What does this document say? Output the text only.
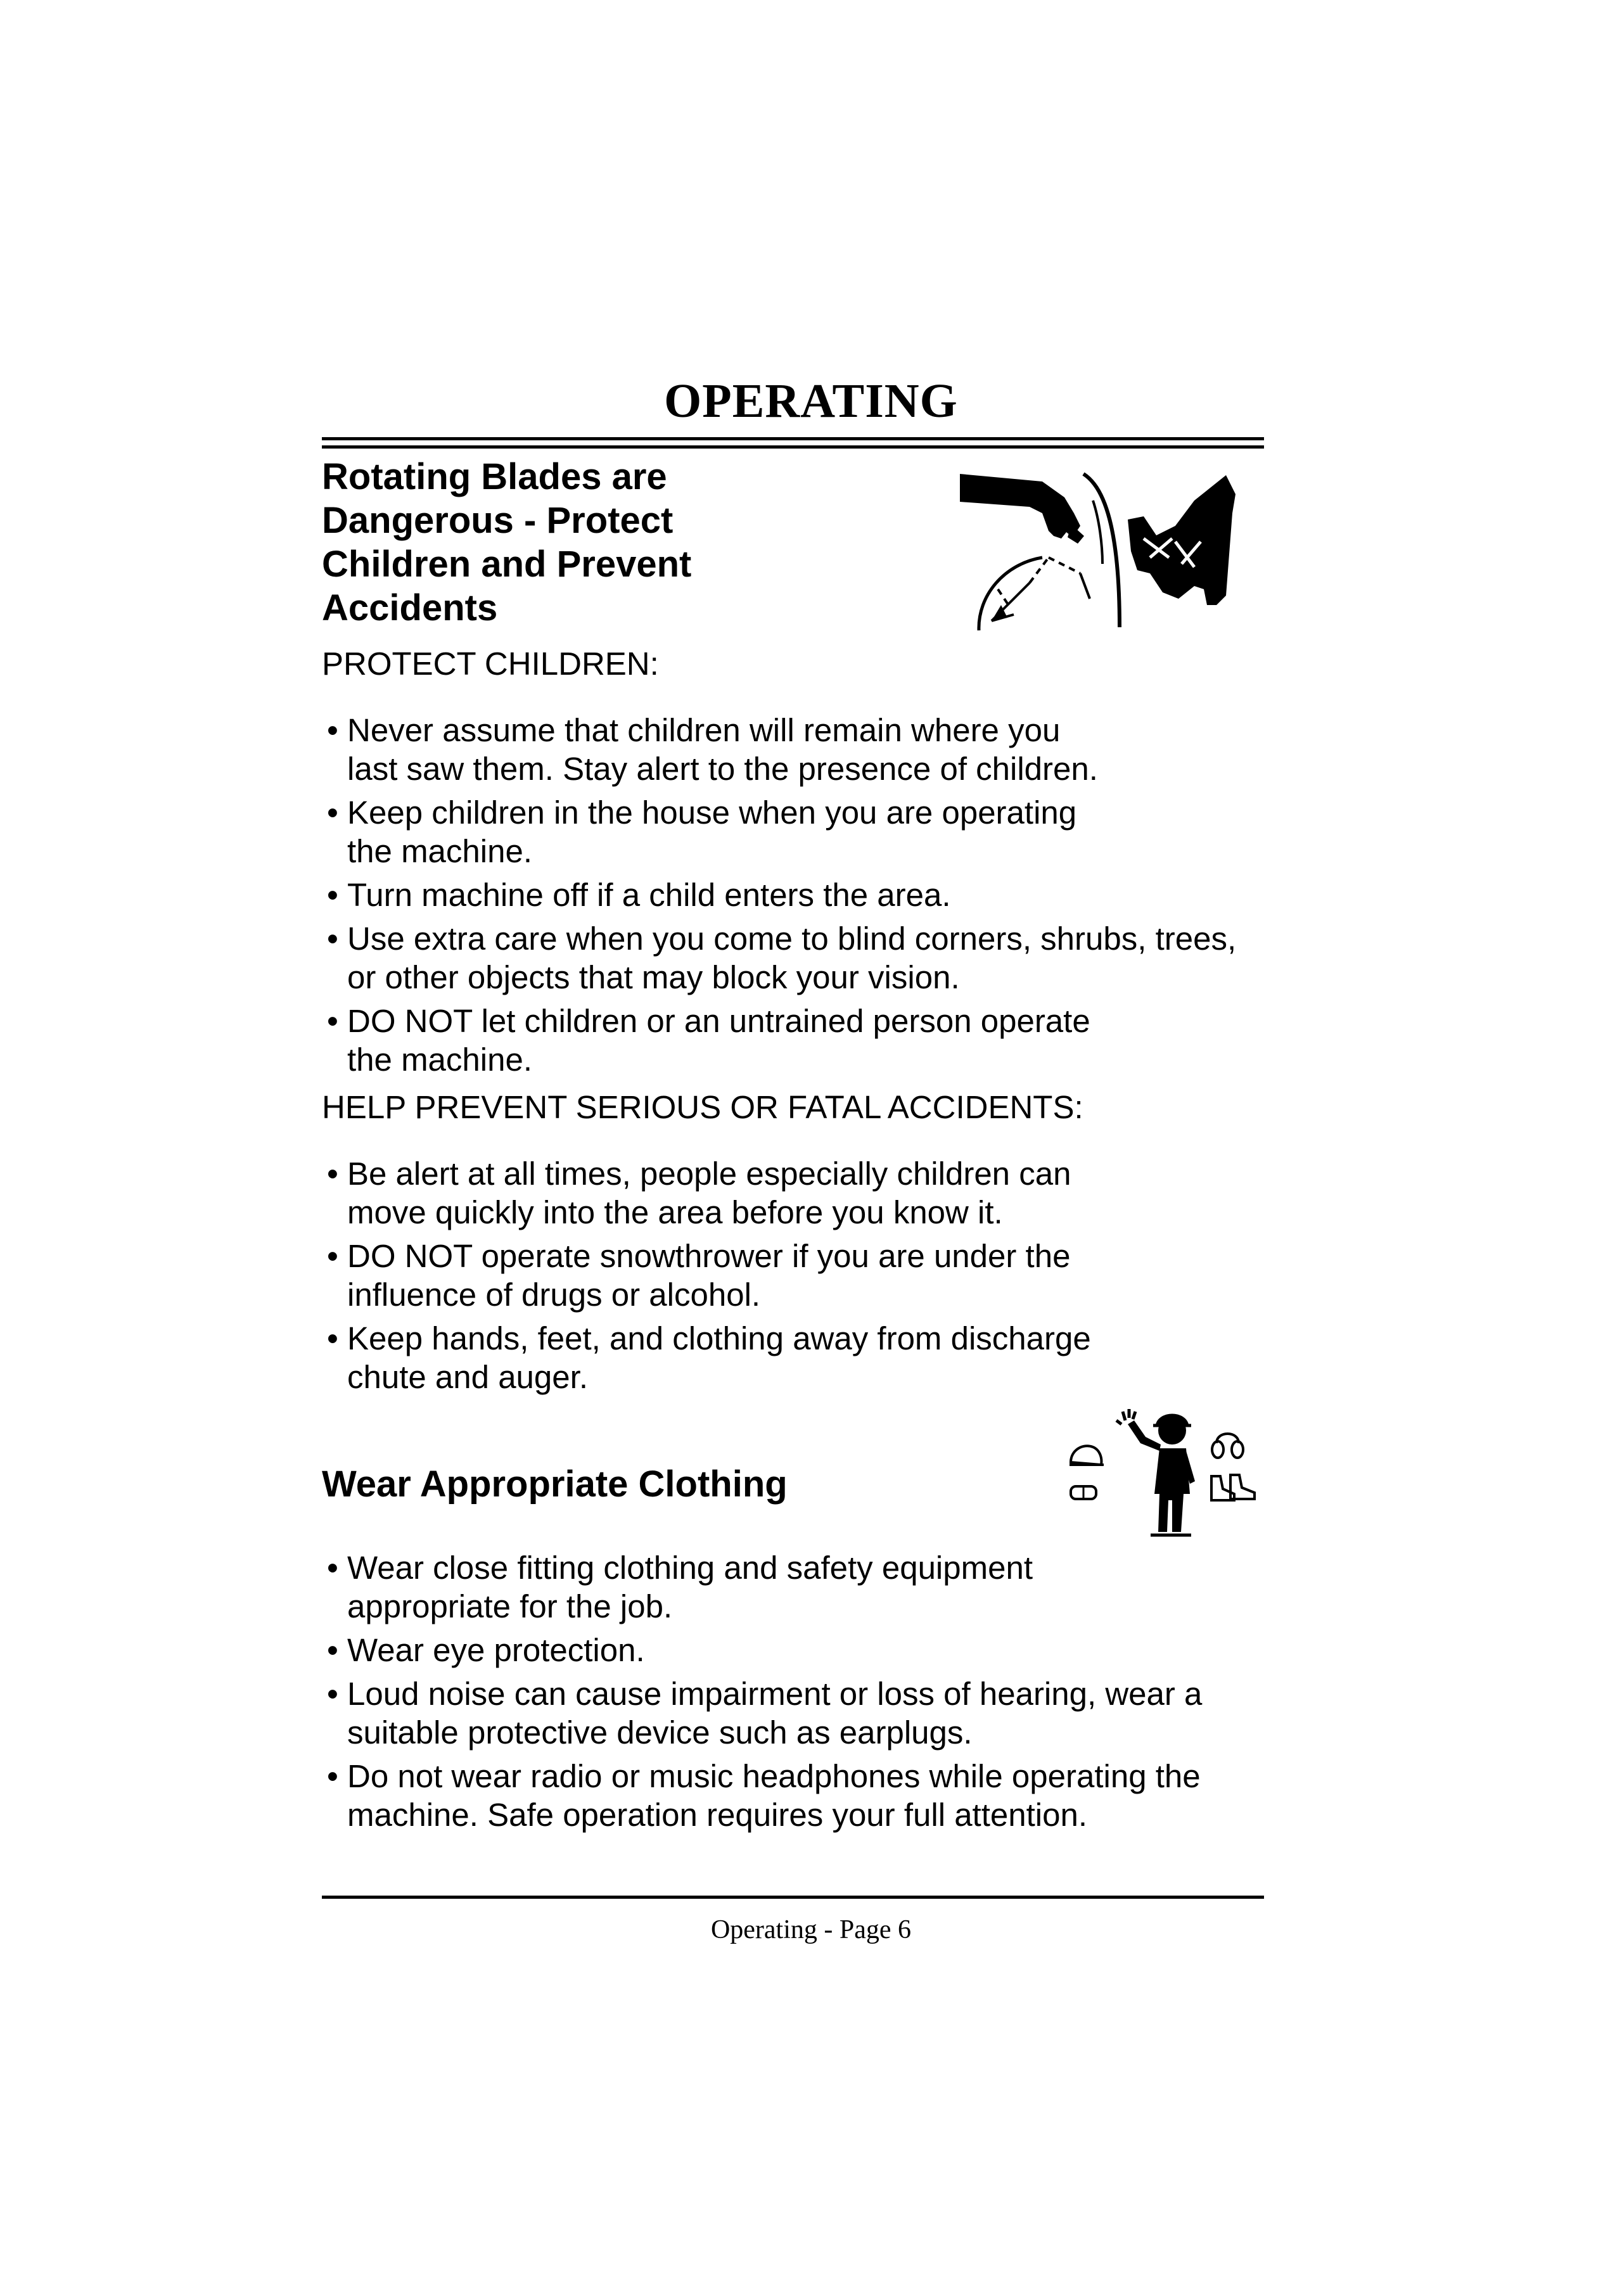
OPERATING
Rotating Blades are
Dangerous - Protect
Children and Prevent
Accidents
PROTECT CHILDREN:
• Never assume that children will remain where you
last saw them. Stay alert to the presence of children.
• Keep children in the house when you are operating
the machine.
• Turn machine off if a child enters the area.
• Use extra care when you come to blind corners, shrubs, trees,
or other objects that may block your vision.
• DO NOT let children or an untrained person operate
the machine.
HELP PREVENT SERIOUS OR FATAL ACCIDENTS:
• Be alert at all times, people especially children can
move quickly into the area before you know it.
• DO NOT operate snowthrower if you are under the
influence of drugs or alcohol.
• Keep hands, feet, and clothing away from discharge
chute and auger.
Wear Appropriate Clothing
• Wear close fitting clothing and safety equipment
appropriate for the job.
• Wear eye protection.
• Loud noise can cause impairment or loss of hearing, wear a
suitable protective device such as earplugs.
• Do not wear radio or music headphones while operating the
machine. Safe operation requires your full attention.
Operating - Page 6
